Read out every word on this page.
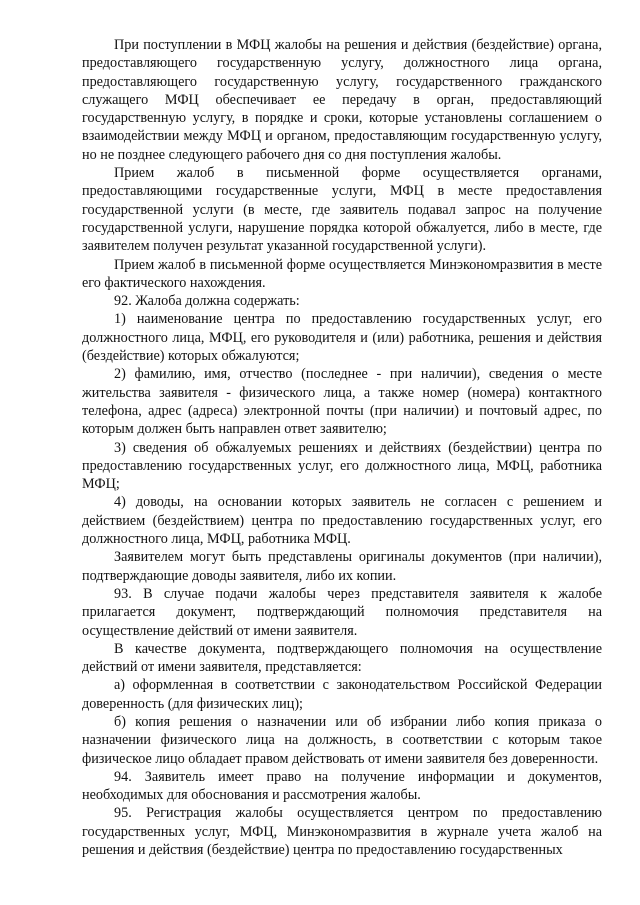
При поступлении в МФЦ жалобы на решения и действия (бездействие) органа, предоставляющего государственную услугу, должностного лица органа, предоставляющего государственную услугу, государственного гражданского служащего МФЦ обеспечивает ее передачу в орган, предоставляющий государственную услугу, в порядке и сроки, которые установлены соглашением о взаимодействии между МФЦ и органом, предоставляющим государственную услугу, но не позднее следующего рабочего дня со дня поступления жалобы.

Прием жалоб в письменной форме осуществляется органами, предоставляющими государственные услуги, МФЦ в месте предоставления государственной услуги (в месте, где заявитель подавал запрос на получение государственной услуги, нарушение порядка которой обжалуется, либо в месте, где заявителем получен результат указанной государственной услуги).

Прием жалоб в письменной форме осуществляется Минэкономразвития в месте его фактического нахождения.

92. Жалоба должна содержать:

1) наименование центра по предоставлению государственных услуг, его должностного лица, МФЦ, его руководителя и (или) работника, решения и действия (бездействие) которых обжалуются;

2) фамилию, имя, отчество (последнее - при наличии), сведения о месте жительства заявителя - физического лица, а также номер (номера) контактного телефона, адрес (адреса) электронной почты (при наличии) и почтовый адрес, по которым должен быть направлен ответ заявителю;

3) сведения об обжалуемых решениях и действиях (бездействии) центра по предоставлению государственных услуг, его должностного лица, МФЦ, работника МФЦ;

4) доводы, на основании которых заявитель не согласен с решением и действием (бездействием) центра по предоставлению государственных услуг, его должностного лица, МФЦ, работника МФЦ.

Заявителем могут быть представлены оригиналы документов (при наличии), подтверждающие доводы заявителя, либо их копии.

93. В случае подачи жалобы через представителя заявителя к жалобе прилагается документ, подтверждающий полномочия представителя на осуществление действий от имени заявителя.

В качестве документа, подтверждающего полномочия на осуществление действий от имени заявителя, представляется:

а) оформленная в соответствии с законодательством Российской Федерации доверенность (для физических лиц);

б) копия решения о назначении или об избрании либо копия приказа о назначении физического лица на должность, в соответствии с которым такое физическое лицо обладает правом действовать от имени заявителя без доверенности.

94. Заявитель имеет право на получение информации и документов, необходимых для обоснования и рассмотрения жалобы.

95. Регистрация жалобы осуществляется центром по предоставлению государственных услуг, МФЦ, Минэкономразвития в журнале учета жалоб на решения и действия (бездействие) центра по предоставлению государственных
